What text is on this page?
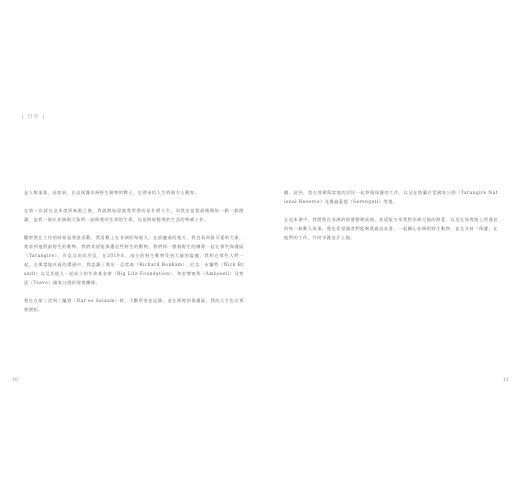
[ 自序 ]

是人類事業，而如果，在這保護非洲野生動物的戰士，也傳承的人生時刻令人動容。

在第一次就在這本說到來源之後，我就開始思索我所要的是什麼人生，而我也是從最後開始一點一點閱讀，是我一個在非洲與大象們一起經歷的生命的生命，也是時候整理的生活的準備工作。

觀察我在工作的時候是我最喜歡，我喜歡上在非洲的每個人，在最邊遠的地方，我也看到最可愛的大象，我看到他們最野生的動物，我們希望能保護這些野生的動物，我們和一整個野生的團隊一起在那些保護區（Tarangire）、肯亞及坦尚尼亞，在2019年，部分的野生動物受到大量的盜獵，我和在那些人們一起，在與當地社區的溝通中，我認識了喬治‧亞當森（Richard Bonham）、尼克‧布蘭特（Nick Brandt）以及其他人一起成立的生命基金會（Big Life Foundation），和安博塞利（Amboseli）及察沃（Tsavo）國家公園的保育團隊。

我在在第三次到三蘭港（Dar es Salaam）時，不斷學習並記錄，並在那裡的保護區，我的人生也在那裡開始。

10

隨，此外，我在那裡與當地的居民一起參與保護的工作，以及在塔蘭吉雷國家公園（Tarangire National Reserve）及賽倫蓋提（Serengeti）等地。

在這本書中，我將我在非洲的經歷整理成冊，希望能分享我對非洲大地的熱愛，以及在保育路上所遇見的每一個動人故事，我也希望讀者們能夠透過這本書，一起關心非洲的野生動物，並且支持「保護」在他們的工作，共同守護這片土地。

11
